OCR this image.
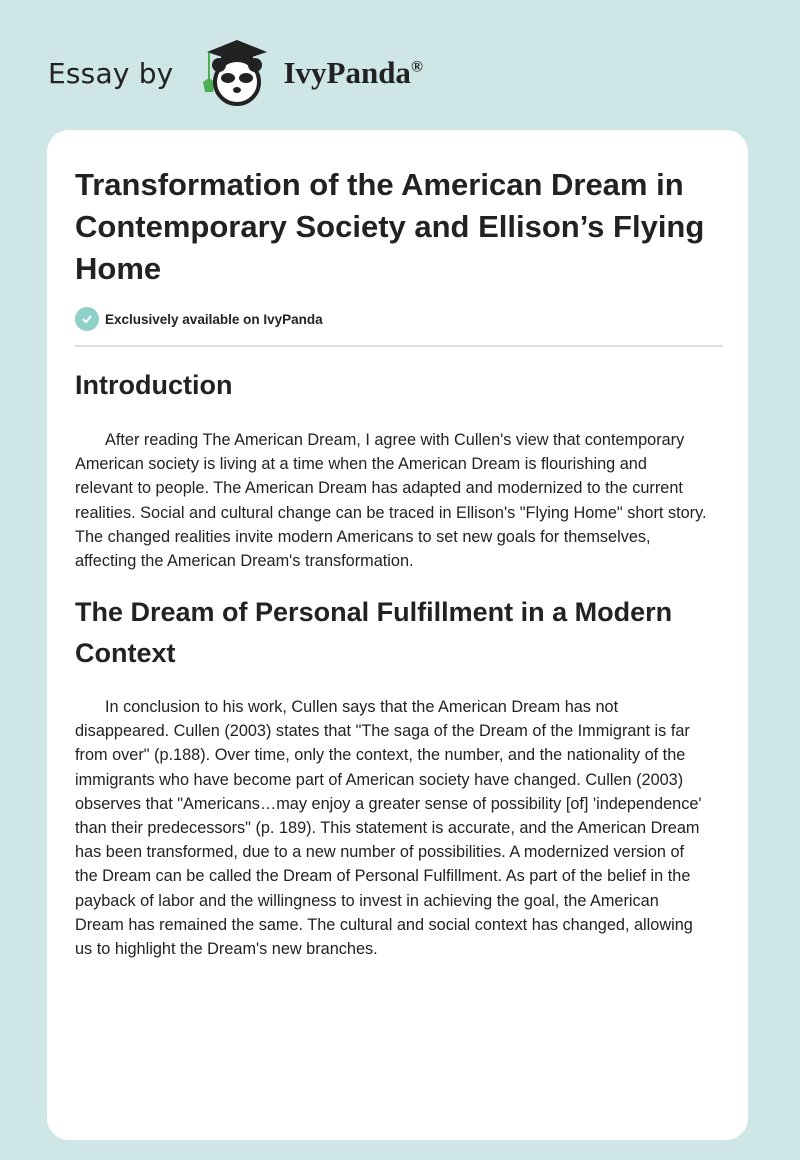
Essay by	IvyPanda®
Transformation of the American Dream in Contemporary Society and Ellison’s Flying Home
Exclusively available on IvyPanda
Introduction
After reading The American Dream, I agree with Cullen's view that contemporary
American society is living at a time when the American Dream is flourishing and
relevant to people. The American Dream has adapted and modernized to the current
realities. Social and cultural change can be traced in Ellison's "Flying Home" short story.
The changed realities invite modern Americans to set new goals for themselves,
affecting the American Dream's transformation.
The Dream of Personal Fulfillment in a Modern Context
In conclusion to his work, Cullen says that the American Dream has not
disappeared. Cullen (2003) states that "The saga of the Dream of the Immigrant is far
from over" (p.188). Over time, only the context, the number, and the nationality of the
immigrants who have become part of American society have changed. Cullen (2003)
observes that "Americans…may enjoy a greater sense of possibility [of] 'independence'
than their predecessors" (p. 189). This statement is accurate, and the American Dream
has been transformed, due to a new number of possibilities. A modernized version of
the Dream can be called the Dream of Personal Fulfillment. As part of the belief in the
payback of labor and the willingness to invest in achieving the goal, the American
Dream has remained the same. The cultural and social context has changed, allowing
us to highlight the Dream's new branches.
